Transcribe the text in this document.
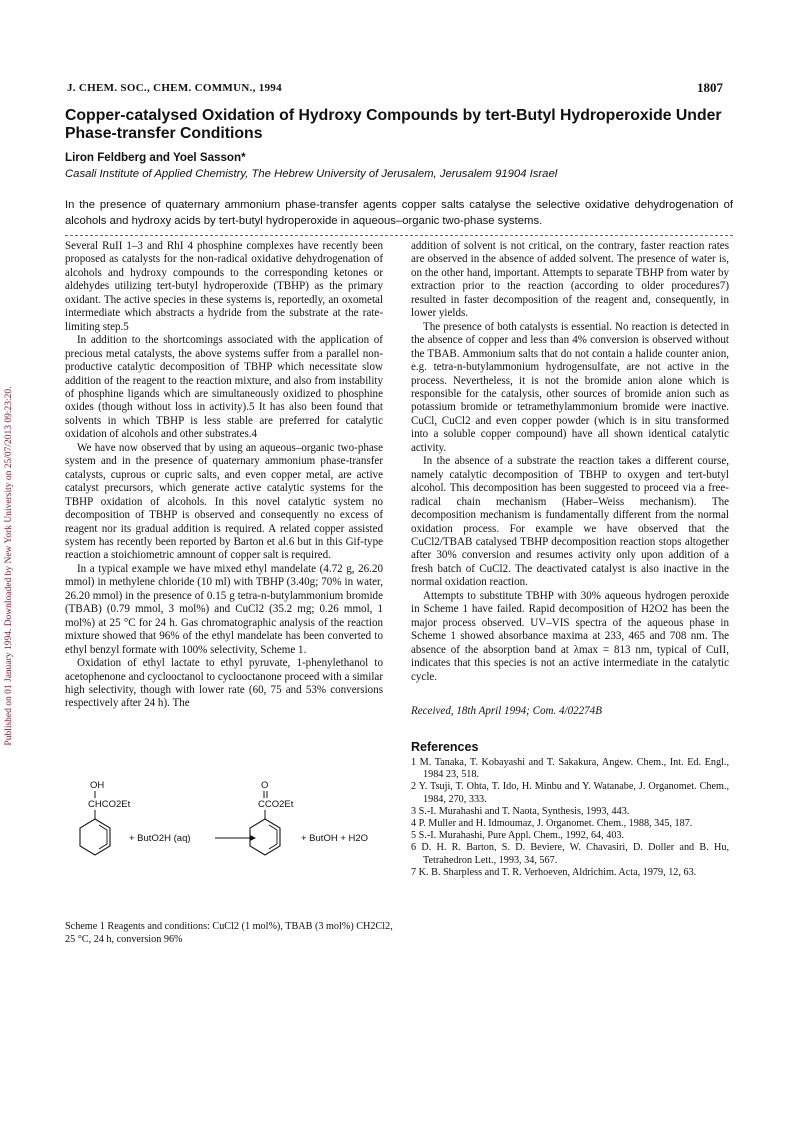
Published on 01 January 1994. Downloaded by New York University on 25/07/2013 09:23:20.
J. CHEM. SOC., CHEM. COMMUN., 1994	1807
Copper-catalysed Oxidation of Hydroxy Compounds by tert-Butyl Hydroperoxide Under Phase-transfer Conditions
Liron Feldberg and Yoel Sasson*
Casali Institute of Applied Chemistry, The Hebrew University of Jerusalem, Jerusalem 91904 Israel
In the presence of quaternary ammonium phase-transfer agents copper salts catalyse the selective oxidative dehydrogenation of alcohols and hydroxy acids by tert-butyl hydroperoxide in aqueous–organic two-phase systems.

Several RuII 1–3 and RhI 4 phosphine complexes have recently been proposed as catalysts for the non-radical oxidative dehydrogenation of alcohols and hydroxy compounds to the corresponding ketones or aldehydes utilizing tert-butyl hydroperoxide (TBHP) as the primary oxidant. The active species in these systems is, reportedly, an oxometal intermediate which abstracts a hydride from the substrate at the rate-limiting step.5

In addition to the shortcomings associated with the application of precious metal catalysts, the above systems suffer from a parallel non-productive catalytic decomposition of TBHP which necessitate slow addition of the reagent to the reaction mixture, and also from instability of phosphine ligands which are simultaneously oxidized to phosphine oxides (though without loss in activity).5 It has also been found that solvents in which TBHP is less stable are preferred for catalytic oxidation of alcohols and other substrates.4

We have now observed that by using an aqueous–organic two-phase system and in the presence of quaternary ammonium phase-transfer catalysts, cuprous or cupric salts, and even copper metal, are active catalyst precursors, which generate active catalytic systems for the TBHP oxidation of alcohols. In this novel catalytic system no decomposition of TBHP is observed and consequently no excess of reagent nor its gradual addition is required. A related copper assisted system has recently been reported by Barton et al.6 but in this Gif-type reaction a stoichiometric amnount of copper salt is required.

In a typical example we have mixed ethyl mandelate (4.72 g, 26.20 mmol) in methylene chloride (10 ml) with TBHP (3.40g; 70% in water, 26.20 mmol) in the presence of 0.15 g tetra-n-butylammonium bromide (TBAB) (0.79 mmol, 3 mol%) and CuCl2 (35.2 mg; 0.26 mmol, 1 mol%) at 25 °C for 24 h. Gas chromatographic analysis of the reaction mixture showed that 96% of the ethyl mandelate has been converted to ethyl benzyl formate with 100% selectivity, Scheme 1.

Oxidation of ethyl lactate to ethyl pyruvate, 1-phenylethanol to acetophenone and cyclooctanol to cyclooctanone proceed with a similar high selectivity, though with lower rate (60, 75 and 53% conversions respectively after 24 h). The

addition of solvent is not critical, on the contrary, faster reaction rates are observed in the absence of added solvent. The presence of water is, on the other hand, important. Attempts to separate TBHP from water by extraction prior to the reaction (according to older procedures7) resulted in faster decomposition of the reagent and, consequently, in lower yields.

The presence of both catalysts is essential. No reaction is detected in the absence of copper and less than 4% conversion is observed without the TBAB. Ammonium salts that do not contain a halide counter anion, e.g. tetra-n-butylammonium hydrogensulfate, are not active in the process. Nevertheless, it is not the bromide anion alone which is responsible for the catalysis, other sources of bromide anion such as potassium bromide or tetramethylammonium bromide were inactive. CuCl, CuCl2 and even copper powder (which is in situ transformed into a soluble copper compound) have all shown identical catalytic activity.

In the absence of a substrate the reaction takes a different course, namely catalytic decomposition of TBHP to oxygen and tert-butyl alcohol. This decomposition has been suggested to proceed via a free-radical chain mechanism (Haber–Weiss mechanism). The decomposition mechanism is fundamentally different from the normal oxidation process. For example we have observed that the CuCl2/TBAB catalysed TBHP decomposition reaction stops altogether after 30% conversion and resumes activity only upon addition of a fresh batch of CuCl2. The deactivated catalyst is also inactive in the normal oxidation reaction.

Attempts to substitute TBHP with 30% aqueous hydrogen peroxide in Scheme 1 have failed. Rapid decomposition of H2O2 has been the major process observed. UV–VIS spectra of the aqueous phase in Scheme 1 showed absorbance maxima at 233, 465 and 708 nm. The absence of the absorption band at λmax = 813 nm, typical of CuII, indicates that this species is not an active intermediate in the catalytic cycle.

Received, 18th April 1994; Com. 4/02274B
References

1 M. Tanaka, T. Kobayashi and T. Sakakura, Angew. Chem., Int. Ed. Engl., 1984 23, 518.

2 Y. Tsuji, T. Ohta, T. Ido, H. Minbu and Y. Watanabe, J. Organomet. Chem., 1984, 270, 333.

3 S.-I. Murahashi and T. Naota, Synthesis, 1993, 443.

4 P. Muller and H. Idmoumaz, J. Organomet. Chem., 1988, 345, 187.

5 S.-I. Murahashi, Pure Appl. Chem., 1992, 64, 403.

6 D. H. R. Barton, S. D. Beviere, W. Chavasiri, D. Doller and B. Hu, Tetrahedron Lett., 1993, 34, 567.

7 K. B. Sharpless and T. R. Verhoeven, Aldrichim. Acta, 1979, 12, 63.

OH
CHCO2Et
+ ButO2H (aq)
O
CCO2Et
+ ButOH + H2O
Scheme 1 Reagents and conditions: CuCl2 (1 mol%), TBAB (3 mol%) CH2Cl2, 25 °C, 24 h, conversion 96%
